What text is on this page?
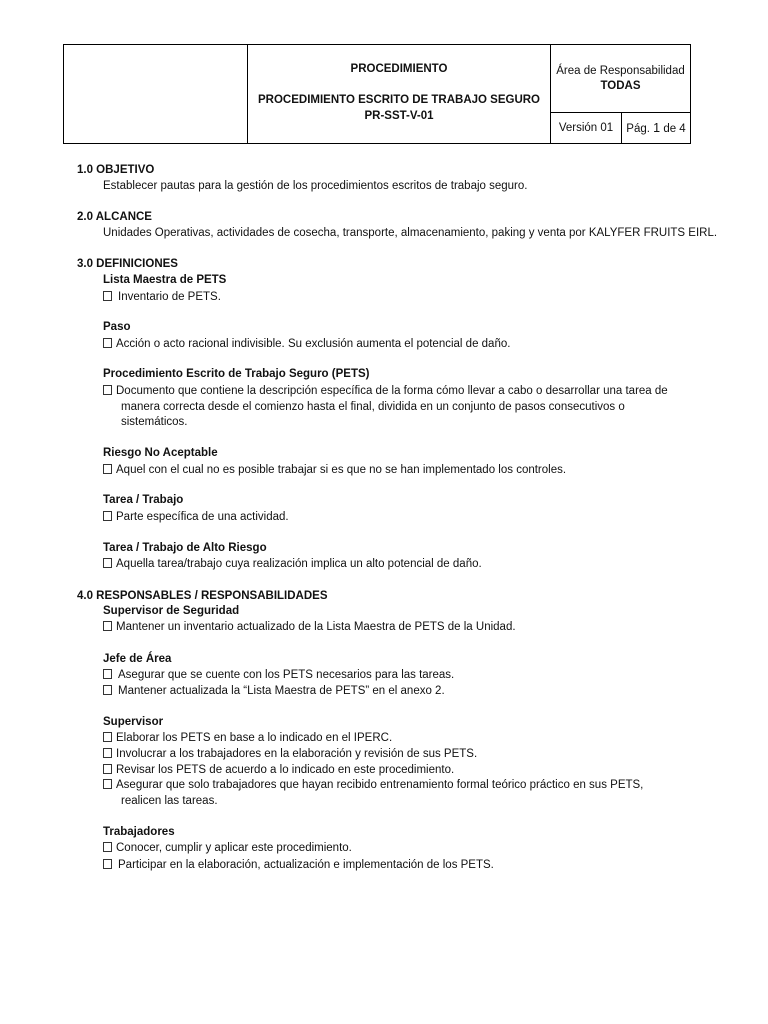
PROCEDIMIENTO
PROCEDIMIENTO ESCRITO DE TRABAJO SEGURO
PR-SST-V-01
Área de Responsabilidad
TODAS
Versión 01	Pág. 1 de 4
1.0 OBJETIVO
Establecer pautas para la gestión de los procedimientos escritos de trabajo seguro.
2.0 ALCANCE
Unidades Operativas, actividades de cosecha, transporte, almacenamiento, paking y venta por KALYFER FRUITS EIRL.
3.0 DEFINICIONES
Lista Maestra de PETS
Inventario de PETS.
Paso
Acción o acto racional indivisible. Su exclusión aumenta el potencial de daño.
Procedimiento Escrito de Trabajo Seguro (PETS)
Documento que contiene la descripción específica de la forma cómo llevar a cabo o desarrollar una tarea de
manera correcta desde el comienzo hasta el final, dividida en un conjunto de pasos consecutivos o
sistemáticos.
Riesgo No Aceptable
Aquel con el cual no es posible trabajar si es que no se han implementado los controles.
Tarea / Trabajo
Parte específica de una actividad.
Tarea / Trabajo de Alto Riesgo
Aquella tarea/trabajo cuya realización implica un alto potencial de daño.
4.0 RESPONSABLES / RESPONSABILIDADES
Supervisor de Seguridad
Mantener un inventario actualizado de la Lista Maestra de PETS de la Unidad.
Jefe de Área
Asegurar que se cuente con los PETS necesarios para las tareas.
Mantener actualizada la “Lista Maestra de PETS” en el anexo 2.
Supervisor
Elaborar los PETS en base a lo indicado en el IPERC.
Involucrar a los trabajadores en la elaboración y revisión de sus PETS.
Revisar los PETS de acuerdo a lo indicado en este procedimiento.
Asegurar que solo trabajadores que hayan recibido entrenamiento formal teórico práctico en sus PETS,
realicen las tareas.
Trabajadores
Conocer, cumplir y aplicar este procedimiento.
Participar en la elaboración, actualización e implementación de los PETS.
